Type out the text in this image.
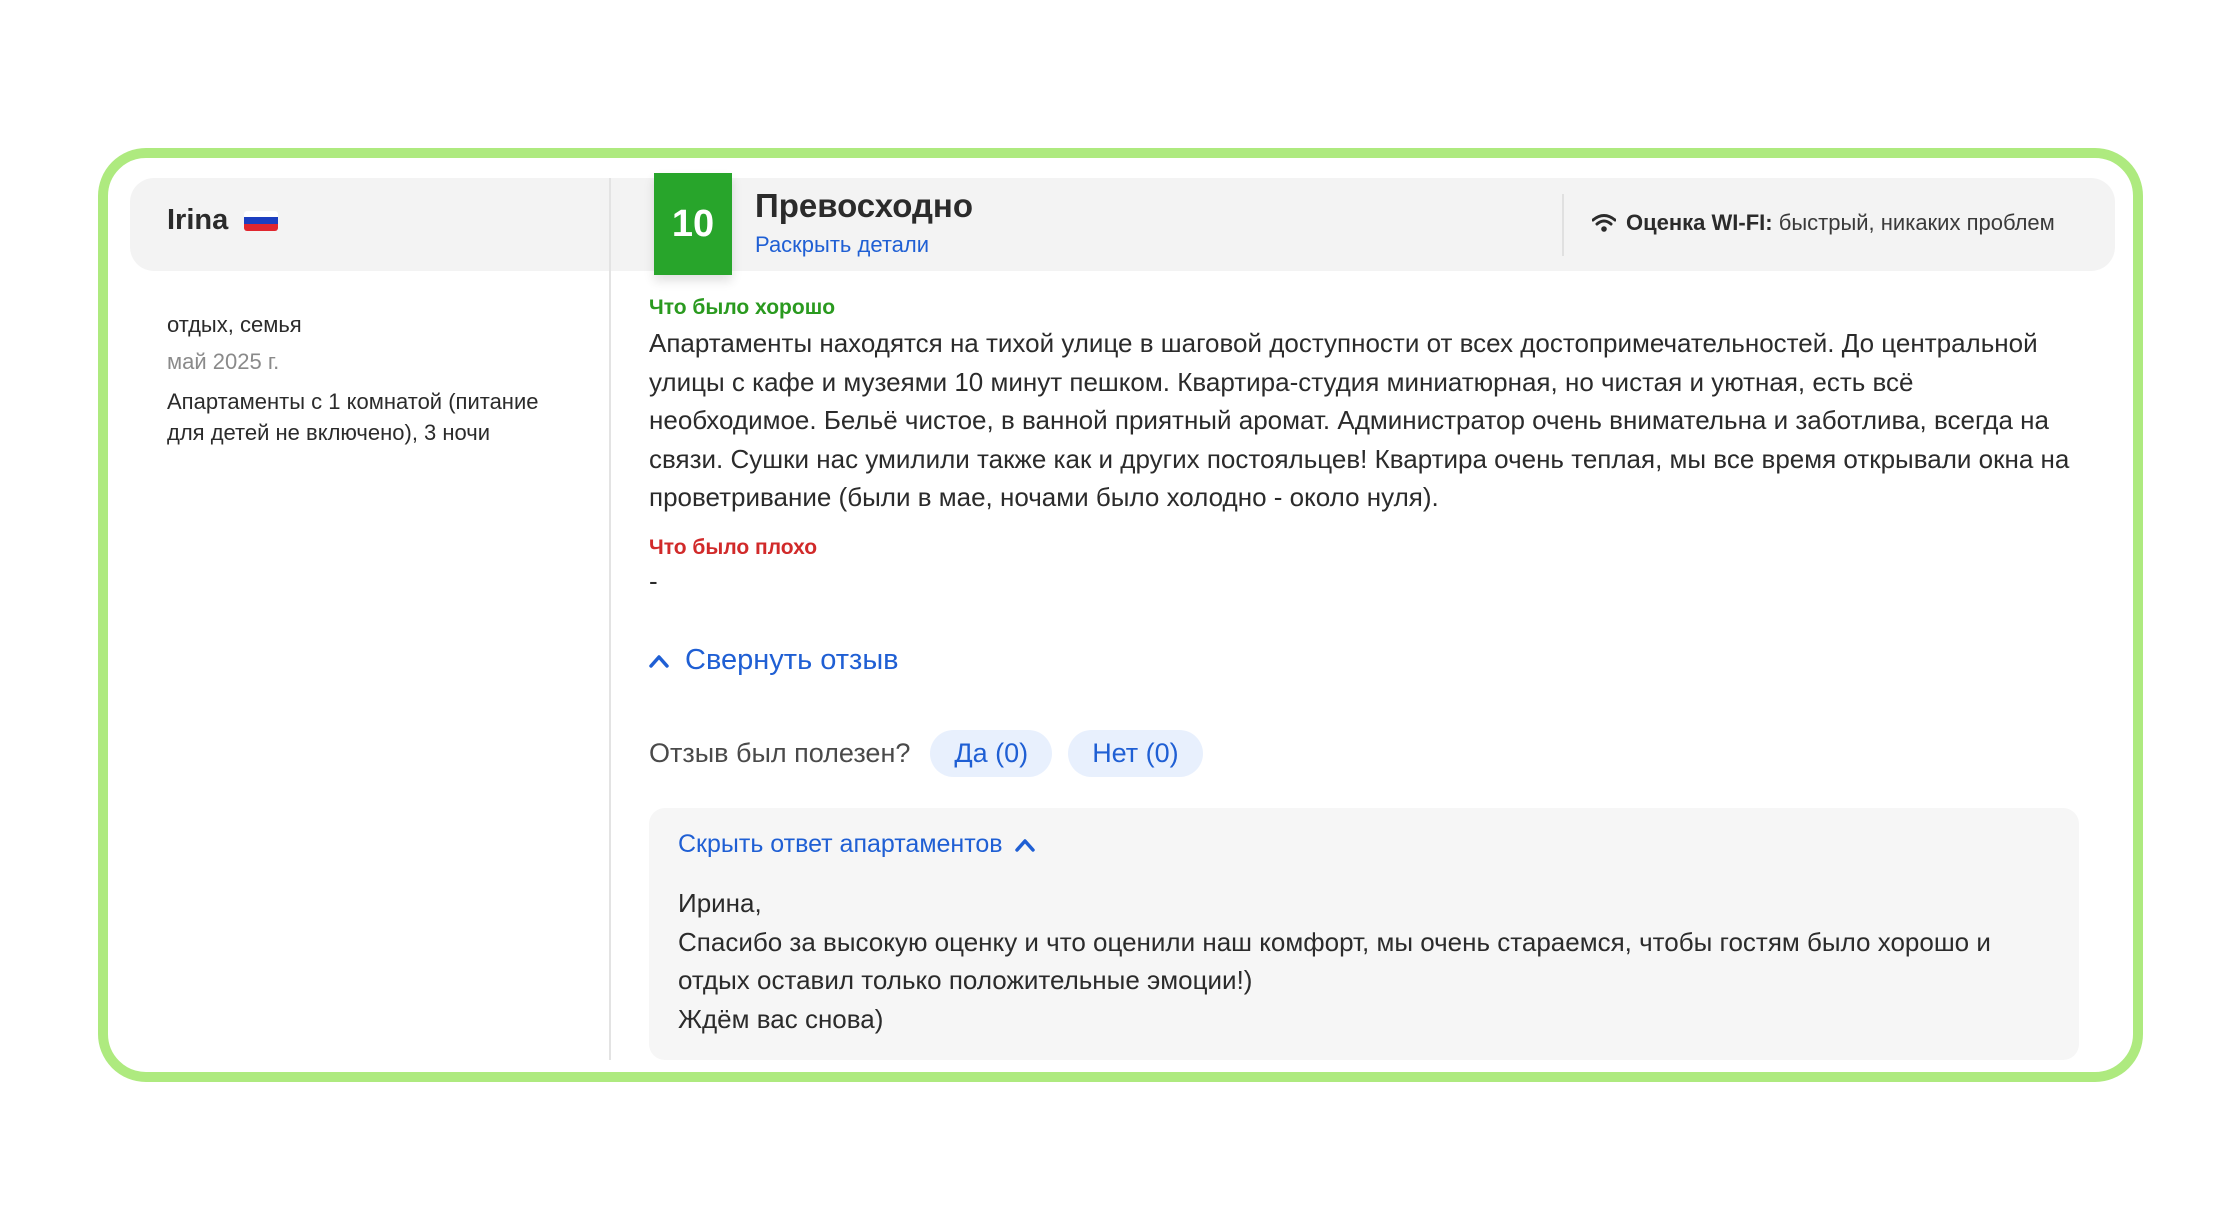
Irina
отдых, семья
май 2025 г.
Апартаменты с 1 комнатой (питание для детей не включено), 3 ночи
10	Превосходно
Раскрыть детали
Оценка WI-FI: быстрый, никаких проблем
Что было хорошо
Апартаменты находятся на тихой улице в шаговой доступности от всех достопримечательностей. До центральной улицы с кафе и музеями 10 минут пешком. Квартира-студия миниатюрная, но чистая и уютная, есть всё необходимое. Бельё чистое, в ванной приятный аромат. Администратор очень внимательна и заботлива, всегда на связи. Сушки нас умилили также как и других постояльцев! Квартира очень теплая, мы все время открывали окна на проветривание (были в мае, ночами было холодно - около нуля).
Что было плохо
-
Свернуть отзыв
Отзыв был полезен?	Да (0)	Нет (0)
Скрыть ответ апартаментов
Ирина,
Спасибо за высокую оценку и что оценили наш комфорт, мы очень стараемся, чтобы гостям было хорошо и отдых оставил только положительные эмоции!)
Ждём вас снова)
